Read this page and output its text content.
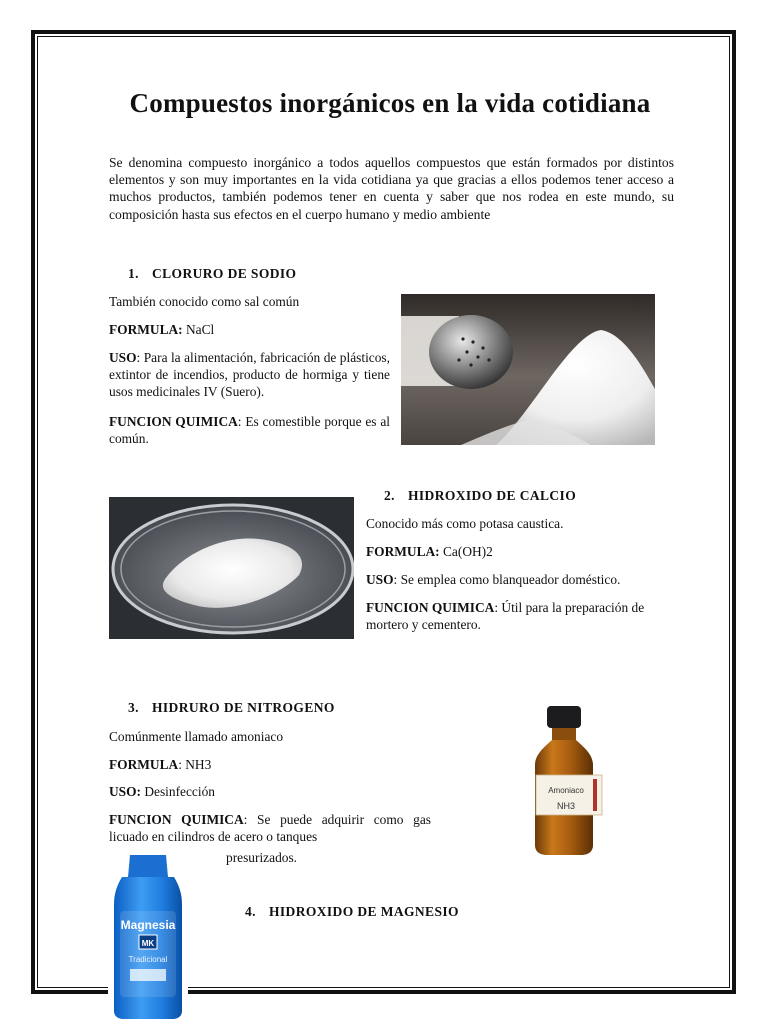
Compuestos inorgánicos en la vida cotidiana

Se denomina compuesto inorgánico a todos aquellos compuestos que están formados por distintos elementos y son muy importantes en la vida cotidiana ya que gracias a ellos podemos tener acceso a muchos productos, también podemos tener en cuenta y saber que nos rodea en este mundo, su composición hasta sus efectos en el cuerpo humano y medio ambiente

1. CLORURO DE SODIO

También conocido como sal común

FORMULA: NaCl

USO: Para la alimentación, fabricación de plásticos, extintor de incendios, producto de hormiga y tiene usos medicinales IV (Suero).

FUNCION QUIMICA: Es comestible porque es al común.

2. HIDROXIDO DE CALCIO

Conocido más como potasa caustica.

FORMULA: Ca(OH)2

USO: Se emplea como blanqueador doméstico.

FUNCION QUIMICA: Útil para la preparación de mortero y cementero.

3. HIDRURO DE NITROGENO

Comúnmente llamado amoniaco

FORMULA: NH3

USO: Desinfección

FUNCION QUIMICA: Se puede adquirir como gas licuado en cilindros de acero o tanques

presurizados.

Amoniaco
NH3
Magnesia
MK
Tradicional
4. HIDROXIDO DE MAGNESIO
